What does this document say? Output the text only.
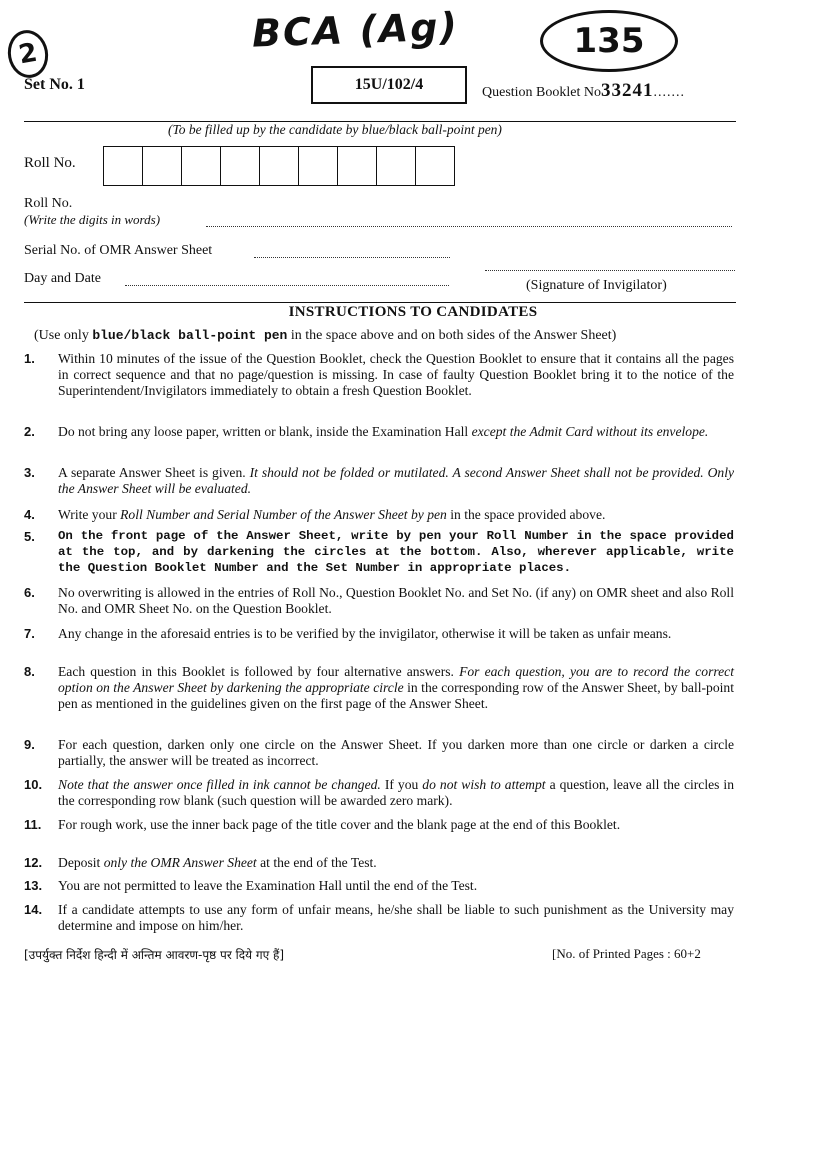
2	BCA (Ag)	135
Set No. 1	15U/102/4	Question Booklet No33241.......
(To be filled up by the candidate by blue/black ball-point pen)
Roll No.
Roll No.
(Write the digits in words)
Serial No. of OMR Answer Sheet
Day and Date	(Signature of Invigilator)
INSTRUCTIONS TO CANDIDATES
(Use only blue/black ball-point pen in the space above and on both sides of the Answer Sheet)
1.	Within 10 minutes of the issue of the Question Booklet, check the Question Booklet to ensure that it contains all the pages in correct sequence and that no page/question is missing. In case of faulty Question Booklet bring it to the notice of the Superintendent/Invigilators immediately to obtain a fresh Question Booklet.
2.	Do not bring any loose paper, written or blank, inside the Examination Hall except the Admit Card without its envelope.
3.	A separate Answer Sheet is given. It should not be folded or mutilated. A second Answer Sheet shall not be provided. Only the Answer Sheet will be evaluated.
4.	Write your Roll Number and Serial Number of the Answer Sheet by pen in the space provided above.
5.	On the front page of the Answer Sheet, write by pen your Roll Number in the space provided at the top, and by darkening the circles at the bottom. Also, wherever applicable, write the Question Booklet Number and the Set Number in appropriate places.
6.	No overwriting is allowed in the entries of Roll No., Question Booklet No. and Set No. (if any) on OMR sheet and also Roll No. and OMR Sheet No. on the Question Booklet.
7.	Any change in the aforesaid entries is to be verified by the invigilator, otherwise it will be taken as unfair means.
8.	Each question in this Booklet is followed by four alternative answers. For each question, you are to record the correct option on the Answer Sheet by darkening the appropriate circle in the corresponding row of the Answer Sheet, by ball-point pen as mentioned in the guidelines given on the first page of the Answer Sheet.
9.	For each question, darken only one circle on the Answer Sheet. If you darken more than one circle or darken a circle partially, the answer will be treated as incorrect.
10.	Note that the answer once filled in ink cannot be changed. If you do not wish to attempt a question, leave all the circles in the corresponding row blank (such question will be awarded zero mark).
11.	For rough work, use the inner back page of the title cover and the blank page at the end of this Booklet.
12.	Deposit only the OMR Answer Sheet at the end of the Test.
13.	You are not permitted to leave the Examination Hall until the end of the Test.
14.	If a candidate attempts to use any form of unfair means, he/she shall be liable to such punishment as the University may determine and impose on him/her.
[उपर्युक्त निर्देश हिन्दी में अन्तिम आवरण-पृष्ठ पर दिये गए हैं]	[No. of Printed Pages : 60+2
